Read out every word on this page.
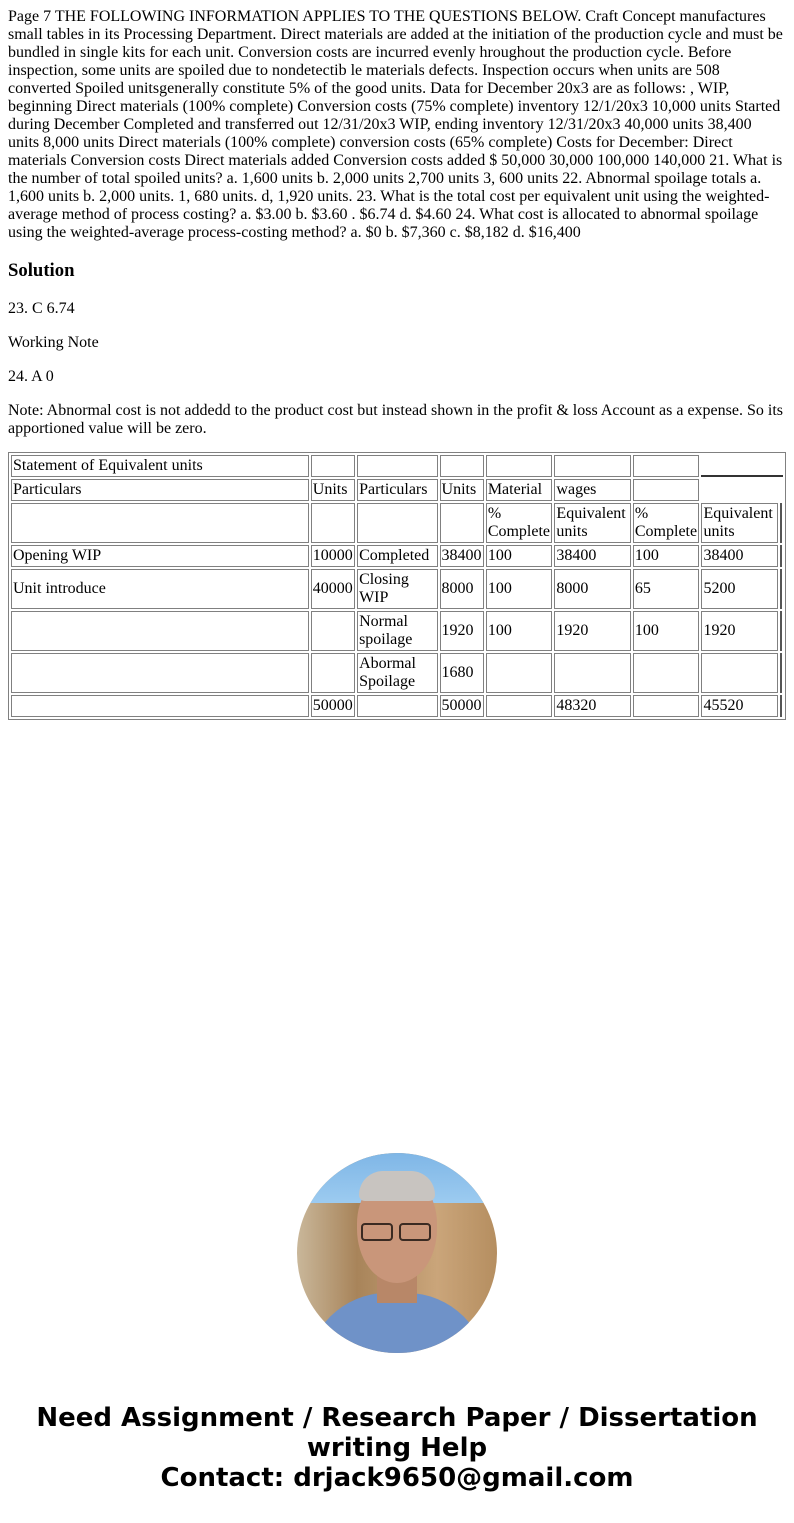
Page 7 THE FOLLOWING INFORMATION APPLIES TO THE QUESTIONS BELOW. Craft Concept manufactures small tables in its Processing Department. Direct materials are added at the initiation of the production cycle and must be bundled in single kits for each unit. Conversion costs are incurred evenly hroughout the production cycle. Before inspection, some units are spoiled due to nondetectib le materials defects. Inspection occurs when units are 508 converted Spoiled unitsgenerally constitute 5% of the good units. Data for December 20x3 are as follows: , WIP, beginning Direct materials (100% complete) Conversion costs (75% complete) inventory 12/1/20x3 10,000 units Started during December Completed and transferred out 12/31/20x3 WIP, ending inventory 12/31/20x3 40,000 units 38,400 units 8,000 units Direct materials (100% complete) conversion costs (65% complete) Costs for December: Direct materials Conversion costs Direct materials added Conversion costs added $ 50,000 30,000 100,000 140,000 21. What is the number of total spoiled units? a. 1,600 units b. 2,000 units 2,700 units 3, 600 units 22. Abnormal spoilage totals a. 1,600 units b. 2,000 units. 1, 680 units. d, 1,920 units. 23. What is the total cost per equivalent unit using the weighted-average method of process costing? a. $3.00 b. $3.60 . $6.74 d. $4.60 24. What cost is allocated to abnormal spoilage using the weighted-average process-costing method? a. $0 b. $7,360 c. $8,182 d. $16,400

Solution

23. C 6.74

Working Note

24. A 0

Note: Abnormal cost is not addedd to the product cost but instead shown in the profit & loss Account as a expense. So its apportioned value will be zero.

Statement of Equivalent units								
Particulars	Units	Particulars	Units	Material	wages			
				% Complete	Equivalent units	% Complete	Equivalent units	
Opening WIP	10000	Completed	38400	100	38400	100	38400	
Unit introduce	40000	Closing WIP	8000	100	8000	65	5200	
		Normal spoilage	1920	100	1920	100	1920	
		Abormal Spoilage	1680					
	50000		50000		48320		45520	
Need Assignment / Research Paper / Dissertation writing Help
Contact: drjack9650@gmail.com
